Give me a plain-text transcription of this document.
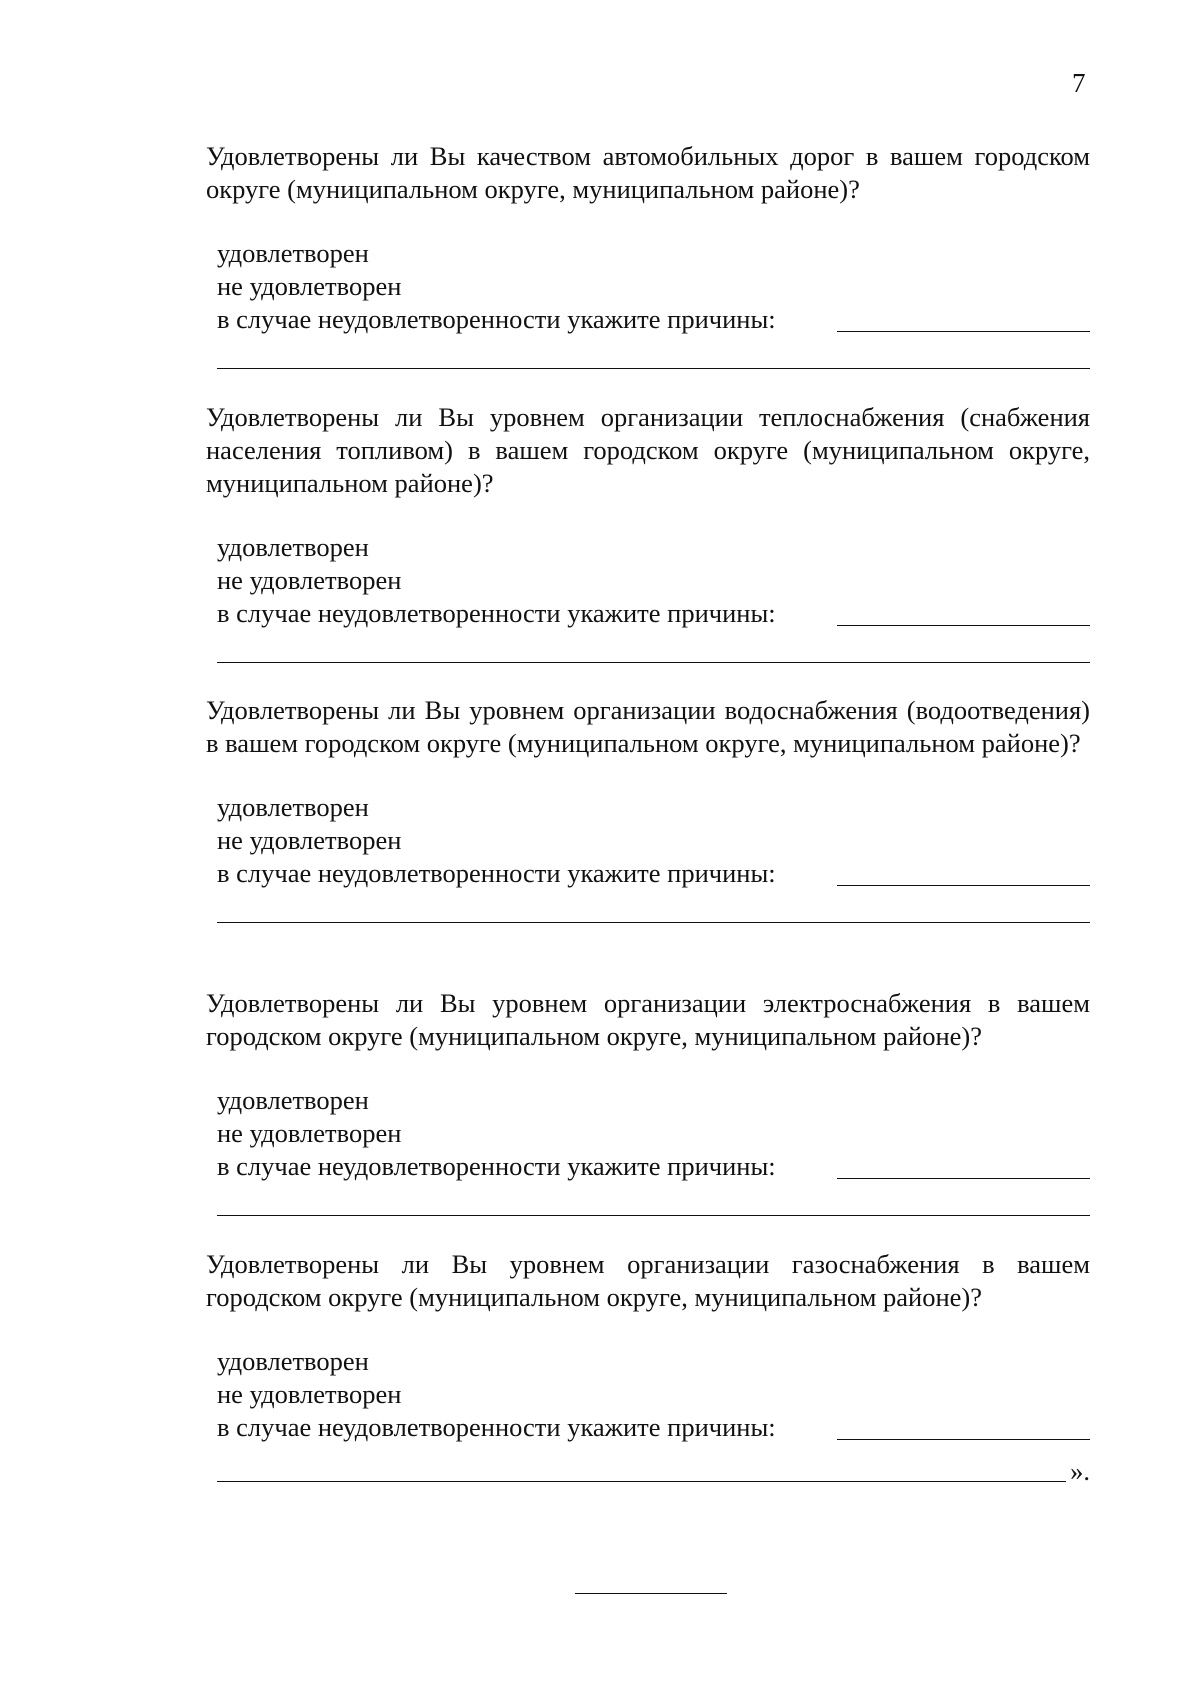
7

Удовлетворены ли Вы качеством автомобильных дорог в вашем городском округе (муниципальном округе, муниципальном районе)?

удовлетворен
не удовлетворен
в случае неудовлетворенности укажите причины:

Удовлетворены ли Вы уровнем организации теплоснабжения (снабжения населения топливом) в вашем городском округе (муниципальном округе, муниципальном районе)?

удовлетворен
не удовлетворен
в случае неудовлетворенности укажите причины:

Удовлетворены ли Вы уровнем организации водоснабжения (водоотведения) в вашем городском округе (муниципальном округе, муниципальном районе)?

удовлетворен
не удовлетворен
в случае неудовлетворенности укажите причины:

Удовлетворены ли Вы уровнем организации электроснабжения в вашем городском округе (муниципальном округе, муниципальном районе)?

удовлетворен
не удовлетворен
в случае неудовлетворенности укажите причины:

Удовлетворены ли Вы уровнем организации газоснабжения в вашем городском округе (муниципальном округе, муниципальном районе)?

удовлетворен
не удовлетворен
в случае неудовлетворенности укажите причины:
».
